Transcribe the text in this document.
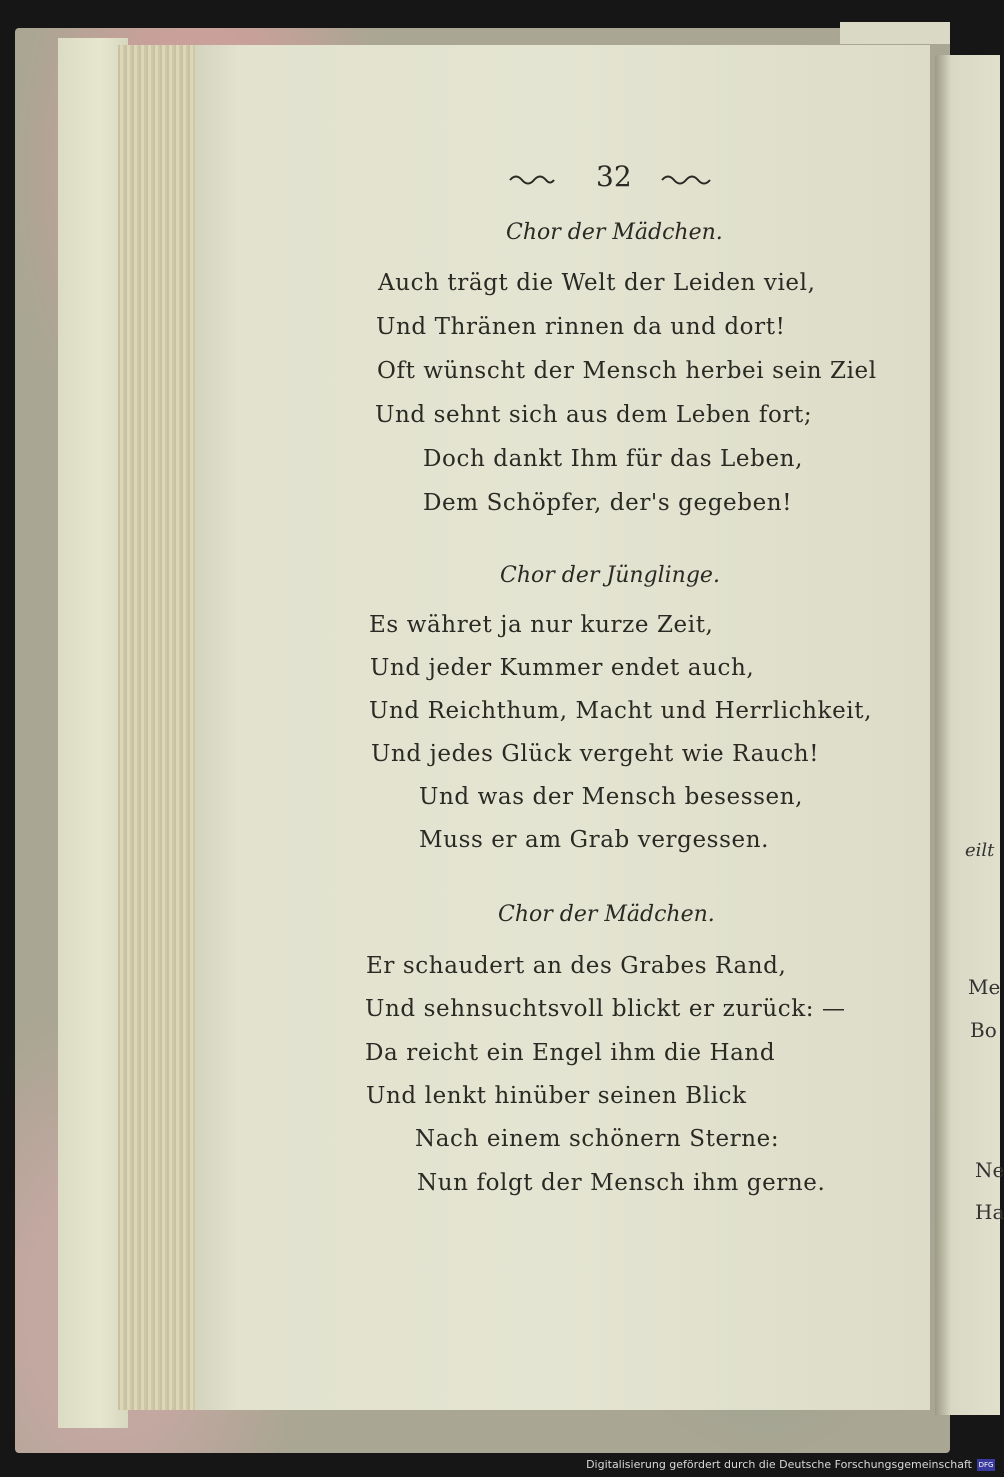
32
Chor der Mädchen.
Auch trägt die Welt der Leiden viel,
Und Thränen rinnen da und dort!
Oft wünscht der Mensch herbei sein Ziel
Und sehnt sich aus dem Leben fort;
Doch dankt Ihm für das Leben,
Dem Schöpfer, der's gegeben!
Chor der Jünglinge.
Es währet ja nur kurze Zeit,
Und jeder Kummer endet auch,
Und Reichthum, Macht und Herrlichkeit,
Und jedes Glück vergeht wie Rauch!
Und was der Mensch besessen,
Muss er am Grab vergessen.
Chor der Mädchen.
Er schaudert an des Grabes Rand,
Und sehnsuchtsvoll blickt er zurück: —
Da reicht ein Engel ihm die Hand
Und lenkt hinüber seinen Blick
Nach einem schönern Sterne:
Nun folgt der Mensch ihm gerne.
eilt
Me
Bo
Ne
Ha
Digitalisierung gefördert durch die Deutsche Forschungsgemeinschaft DFG
